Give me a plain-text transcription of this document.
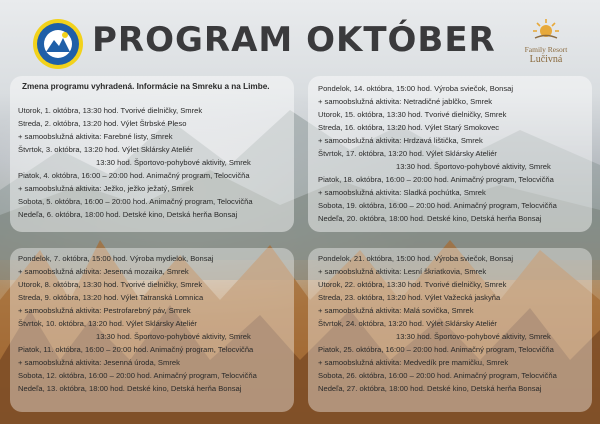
PROGRAM OKTÓBER	Family Resort
Lučivná
Zmena programu vyhradená. Informácie na Smreku a na Limbe.
Utorok, 1. októbra, 13:30 hod. Tvorivé dielničky, Smrek
Streda, 2. októbra, 13:20 hod. Výlet Štrbské Pleso
+ samoobslužná aktivita: Farebné listy, Smrek
Štvrtok, 3. októbra, 13:20 hod. Výlet Sklársky Ateliér
13:30 hod. Športovo-pohybové aktivity, Smrek
Piatok, 4. októbra, 16:00 – 20:00 hod. Animačný program, Telocvičňa
+ samoobslužná aktivita: Ježko, ježko ježatý, Smrek
Sobota, 5. októbra, 16:00 – 20:00 hod. Animačný program, Telocvičňa
Nedeľa, 6. októbra, 18:00 hod. Detské kino, Detská herňa Bonsaj
Pondelok, 14. októbra, 15:00 hod. Výroba sviečok, Bonsaj
+ samoobslužná aktivita: Netradičné jablčko, Smrek
Utorok, 15. októbra, 13:30 hod. Tvorivé dielničky, Smrek
Streda, 16. októbra, 13:20 hod. Výlet Starý Smokovec
+ samoobslužná aktivita: Hrdzavá lištička, Smrek
Štvrtok, 17. októbra, 13:20 hod. Výlet Sklársky Ateliér
13:30 hod. Športovo-pohybové aktivity, Smrek
Piatok, 18. októbra, 16:00 – 20:00 hod. Animačný program, Telocvičňa
+ samoobslužná aktivita: Sladká pochútka, Smrek
Sobota, 19. októbra, 16:00 – 20:00 hod. Animačný program, Telocvičňa
Nedeľa, 20. októbra, 18:00 hod. Detské kino, Detská herňa Bonsaj
Pondelok, 7. októbra, 15:00 hod. Výroba mydielok, Bonsaj
+ samoobslužná aktivita: Jesenná mozaika, Smrek
Utorok, 8. októbra, 13:30 hod. Tvorivé dielničky, Smrek
Streda, 9. októbra, 13:20 hod. Výlet Tatranská Lomnica
+ samoobslužná aktivita: Pestrofarebný páv, Smrek
Štvrtok, 10. októbra, 13:20 hod. Výlet Sklársky Ateliér
13:30 hod. Športovo-pohybové aktivity, Smrek
Piatok, 11. októbra, 16:00 – 20:00 hod. Animačný program, Telocvičňa
+ samoobslužná aktivita: Jesenná úroda, Smrek
Sobota, 12. októbra, 16:00 – 20:00 hod. Animačný program, Telocvičňa
Nedeľa, 13. októbra, 18:00 hod. Detské kino, Detská herňa Bonsaj
Pondelok, 21. októbra, 15:00 hod. Výroba sviečok, Bonsaj
+ samoobslužná aktivita: Lesní škriatkovia, Smrek
Utorok, 22. októbra, 13:30 hod. Tvorivé dielničky, Smrek
Streda, 23. októbra, 13:20 hod. Výlet Važecká jaskyňa
+ samoobslužná aktivita: Malá sovička, Smrek
Štvrtok, 24. októbra, 13:20 hod. Výlet Sklársky Ateliér
13:30 hod. Športovo-pohybové aktivity, Smrek
Piatok, 25. októbra, 16:00 – 20:00 hod. Animačný program, Telocvičňa
+ samoobslužná aktivita: Medvedík pre mamičku, Smrek
Sobota, 26. októbra, 16:00 – 20:00 hod. Animačný program, Telocvičňa
Nedeľa, 27. októbra, 18:00 hod. Detské kino, Detská herňa Bonsaj
